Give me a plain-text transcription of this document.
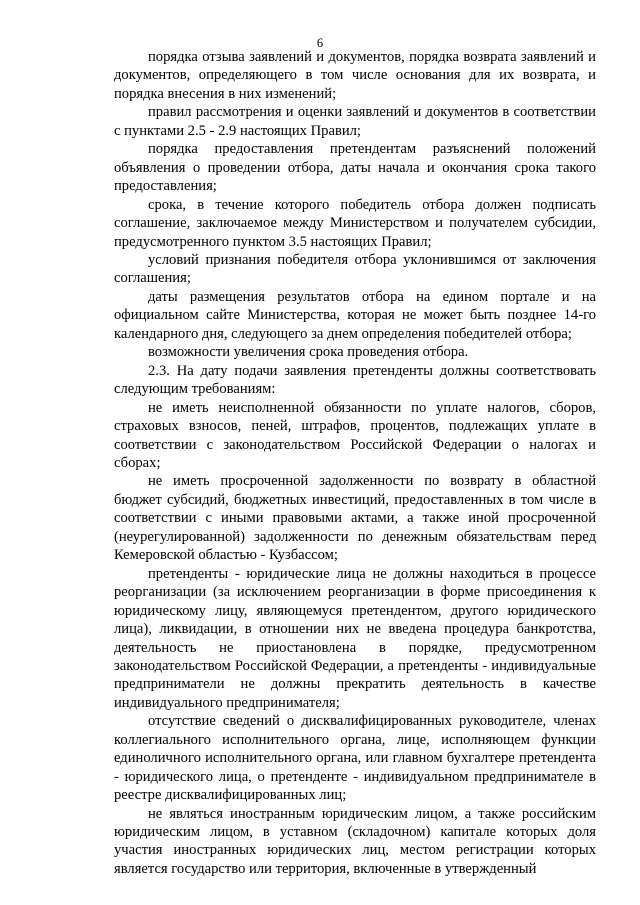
6

порядка отзыва заявлений и документов, порядка возврата заявлений и документов, определяющего в том числе основания для их возврата, и порядка внесения в них изменений;

правил рассмотрения и оценки заявлений и документов в соответствии с пунктами 2.5 - 2.9 настоящих Правил;

порядка предоставления претендентам разъяснений положений объявления о проведении отбора, даты начала и окончания срока такого предоставления;

срока, в течение которого победитель отбора должен подписать соглашение, заключаемое между Министерством и получателем субсидии, предусмотренного пунктом 3.5 настоящих Правил;

условий признания победителя отбора уклонившимся от заключения соглашения;

даты размещения результатов отбора на едином портале и на официальном сайте Министерства, которая не может быть позднее 14-го календарного дня, следующего за днем определения победителей отбора;

возможности увеличения срока проведения отбора.

2.3. На дату подачи заявления претенденты должны соответствовать следующим требованиям:

не иметь неисполненной обязанности по уплате налогов, сборов, страховых взносов, пеней, штрафов, процентов, подлежащих уплате в соответствии с законодательством Российской Федерации о налогах и сборах;

не иметь просроченной задолженности по возврату в областной бюджет субсидий, бюджетных инвестиций, предоставленных в том числе в соответствии с иными правовыми актами, а также иной просроченной (неурегулированной) задолженности по денежным обязательствам перед Кемеровской областью - Кузбассом;

претенденты - юридические лица не должны находиться в процессе реорганизации (за исключением реорганизации в форме присоединения к юридическому лицу, являющемуся претендентом, другого юридического лица), ликвидации, в отношении них не введена процедура банкротства, деятельность не приостановлена в порядке, предусмотренном законодательством Российской Федерации, а претенденты - индивидуальные предприниматели не должны прекратить деятельность в качестве индивидуального предпринимателя;

отсутствие сведений о дисквалифицированных руководителе, членах коллегиального исполнительного органа, лице, исполняющем функции единоличного исполнительного органа, или главном бухгалтере претендента - юридического лица, о претенденте - индивидуальном предпринимателе в реестре дисквалифицированных лиц;

не являться иностранным юридическим лицом, а также российским юридическим лицом, в уставном (складочном) капитале которых доля участия иностранных юридических лиц, местом регистрации которых является государство или территория, включенные в утвержденный
